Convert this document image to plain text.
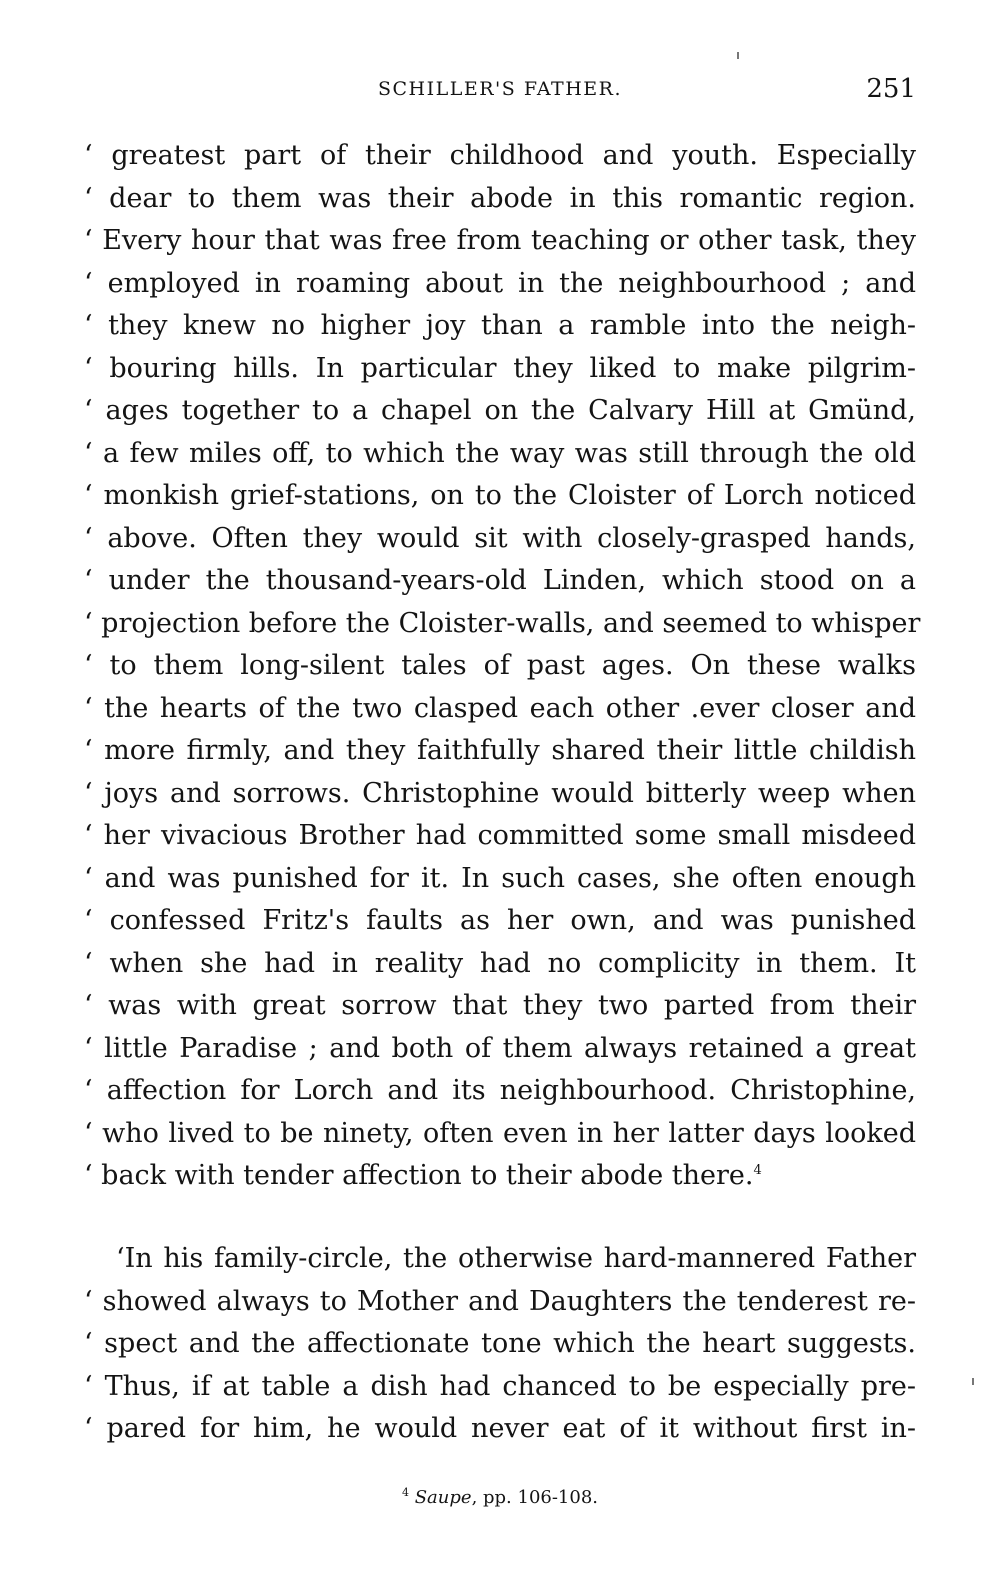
SCHILLER'S FATHER.	251
‘ greatest part of their childhood and youth. Especially
‘ dear to them was their abode in this romantic region.
‘ Every hour that was free from teaching or other task, they
‘ employed in roaming about in the neighbourhood ; and
‘ they knew no higher joy than a ramble into the neigh-
‘ bouring hills. In particular they liked to make pilgrim-
‘ ages together to a chapel on the Calvary Hill at Gmünd,
‘ a few miles off, to which the way was still through the old
‘ monkish grief-stations, on to the Cloister of Lorch noticed
‘ above. Often they would sit with closely-grasped hands,
‘ under the thousand-years-old Linden, which stood on a
‘ projection before the Cloister-walls, and seemed to whisper
‘ to them long-silent tales of past ages. On these walks
‘ the hearts of the two clasped each other .ever closer and
‘ more firmly, and they faithfully shared their little childish
‘ joys and sorrows. Christophine would bitterly weep when
‘ her vivacious Brother had committed some small misdeed
‘ and was punished for it. In such cases, she often enough
‘ confessed Fritz's faults as her own, and was punished
‘ when she had in reality had no complicity in them. It
‘ was with great sorrow that they two parted from their
‘ little Paradise ; and both of them always retained a great
‘ affection for Lorch and its neighbourhood. Christophine,
‘ who lived to be ninety, often even in her latter days looked
‘ back with tender affection to their abode there.$^4$
‘In his family-circle, the otherwise hard-mannered Father
‘ showed always to Mother and Daughters the tenderest re-
‘ spect and the affectionate tone which the heart suggests.
‘ Thus, if at table a dish had chanced to be especially pre-
‘ pared for him, he would never eat of it without first in-
$^4$ Saupe, pp. 106-108.
